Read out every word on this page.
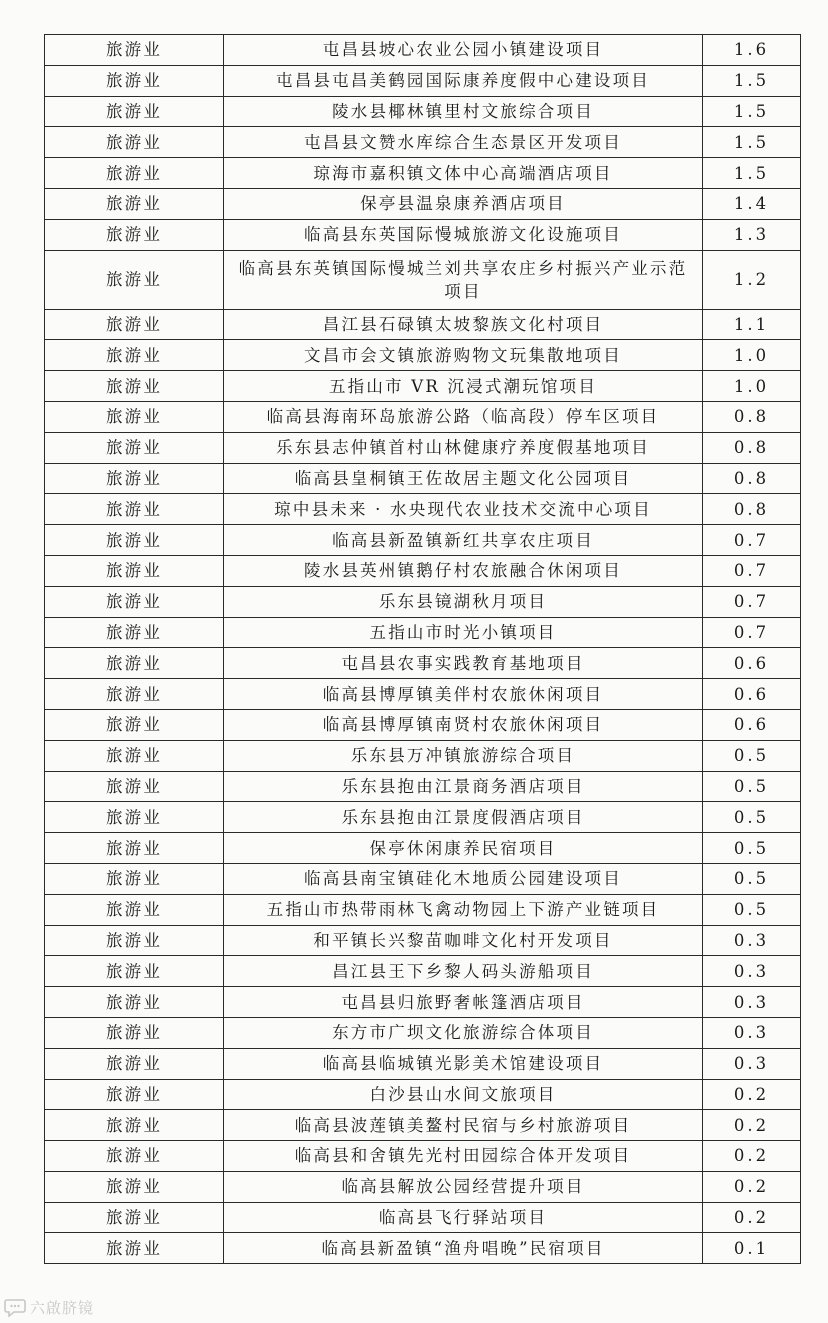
旅游业	屯昌县坡心农业公园小镇建设项目	1.6
旅游业	屯昌县屯昌美鹤园国际康养度假中心建设项目	1.5
旅游业	陵水县椰林镇里村文旅综合项目	1.5
旅游业	屯昌县文赞水库综合生态景区开发项目	1.5
旅游业	琼海市嘉积镇文体中心高端酒店项目	1.5
旅游业	保亭县温泉康养酒店项目	1.4
旅游业	临高县东英国际慢城旅游文化设施项目	1.3
旅游业	临高县东英镇国际慢城兰刘共享农庄乡村振兴产业示范项目	1.2
旅游业	昌江县石碌镇太坡黎族文化村项目	1.1
旅游业	文昌市会文镇旅游购物文玩集散地项目	1.0
旅游业	五指山市 VR 沉浸式潮玩馆项目	1.0
旅游业	临高县海南环岛旅游公路（临高段）停车区项目	0.8
旅游业	乐东县志仲镇首村山林健康疗养度假基地项目	0.8
旅游业	临高县皇桐镇王佐故居主题文化公园项目	0.8
旅游业	琼中县未来 · 水央现代农业技术交流中心项目	0.8
旅游业	临高县新盈镇新红共享农庄项目	0.7
旅游业	陵水县英州镇鹅仔村农旅融合休闲项目	0.7
旅游业	乐东县镜湖秋月项目	0.7
旅游业	五指山市时光小镇项目	0.7
旅游业	屯昌县农事实践教育基地项目	0.6
旅游业	临高县博厚镇美伴村农旅休闲项目	0.6
旅游业	临高县博厚镇南贤村农旅休闲项目	0.6
旅游业	乐东县万冲镇旅游综合项目	0.5
旅游业	乐东县抱由江景商务酒店项目	0.5
旅游业	乐东县抱由江景度假酒店项目	0.5
旅游业	保亭休闲康养民宿项目	0.5
旅游业	临高县南宝镇硅化木地质公园建设项目	0.5
旅游业	五指山市热带雨林飞禽动物园上下游产业链项目	0.5
旅游业	和平镇长兴黎苗咖啡文化村开发项目	0.3
旅游业	昌江县王下乡黎人码头游船项目	0.3
旅游业	屯昌县归旅野奢帐篷酒店项目	0.3
旅游业	东方市广坝文化旅游综合体项目	0.3
旅游业	临高县临城镇光影美术馆建设项目	0.3
旅游业	白沙县山水间文旅项目	0.2
旅游业	临高县波莲镇美鳌村民宿与乡村旅游项目	0.2
旅游业	临高县和舍镇先光村田园综合体开发项目	0.2
旅游业	临高县解放公园经营提升项目	0.2
旅游业	临高县飞行驿站项目	0.2
旅游业	临高县新盈镇“渔舟唱晚”民宿项目	0.1
六啟脐镜
